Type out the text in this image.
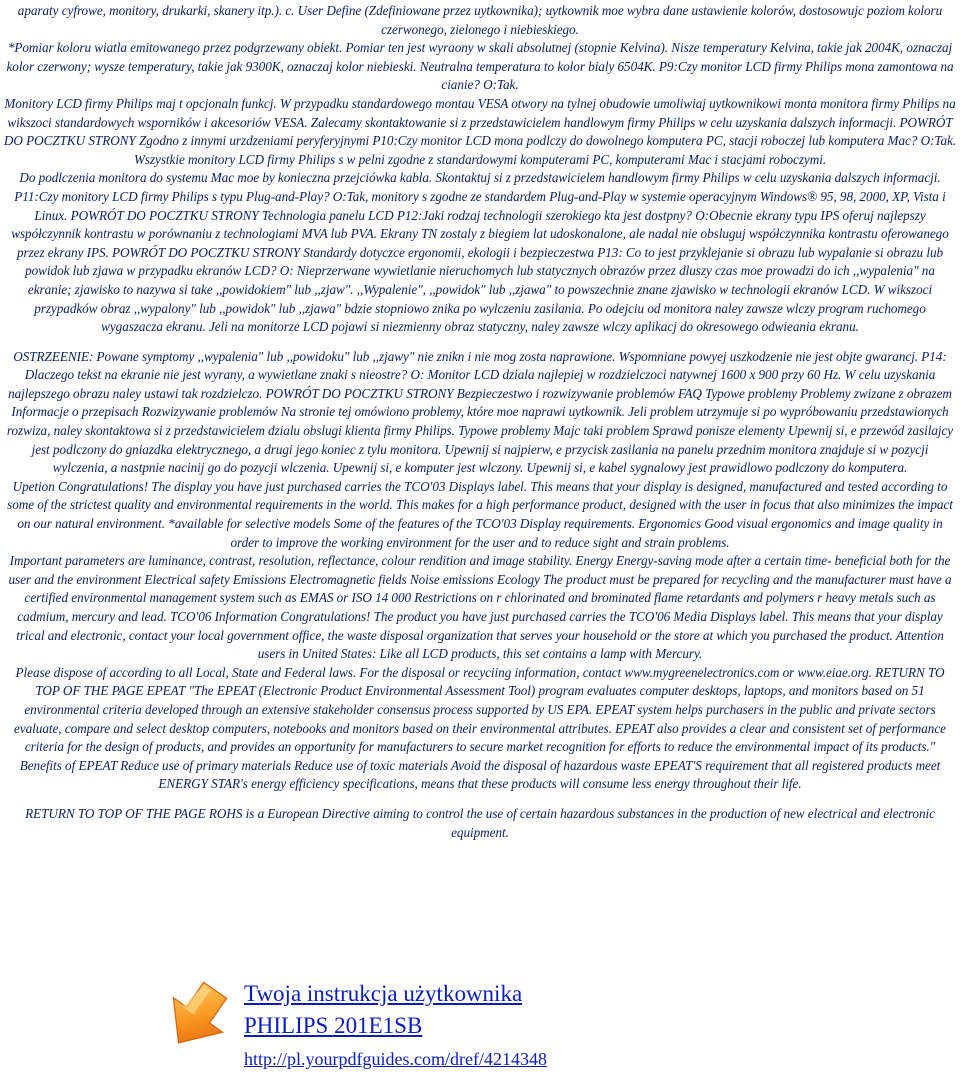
aparaty cyfrowe, monitory, drukarki, skanery itp.). c. User Define (Zdefiniowane przez uytkownika); uytkownik moe wybra dane ustawienie kolorów, dostosowujc poziom koloru czerwonego, zielonego i niebieskiego.

*Pomiar koloru wiatla emitowanego przez podgrzewany obiekt. Pomiar ten jest wyraony w skali absolutnej (stopnie Kelvina). Nisze temperatury Kelvina, takie jak 2004K, oznaczaj kolor czerwony; wysze temperatury, takie jak 9300K, oznaczaj kolor niebieski. Neutralna temperatura to kolor bialy 6504K. P9:Czy monitor LCD firmy Philips mona zamontowa na cianie? O:Tak.

Monitory LCD firmy Philips maj t opcjonaln funkcj. W przypadku standardowego montau VESA otwory na tylnej obudowie umoliwiaj uytkownikowi monta monitora firmy Philips na wikszoci standardowych wsporników i akcesoriów VESA. Zalecamy skontaktowanie si z przedstawicielem handlowym firmy Philips w celu uzyskania dalszych informacji. POWRÓT DO POCZTKU STRONY Zgodno z innymi urzdzeniami peryferyjnymi P10:Czy monitor LCD mona podlczy do dowolnego komputera PC, stacji roboczej lub komputera Mac? O:Tak. Wszystkie monitory LCD firmy Philips s w pelni zgodne z standardowymi komputerami PC, komputerami Mac i stacjami roboczymi.

Do podlczenia monitora do systemu Mac moe by konieczna przejciówka kabla. Skontaktuj si z przedstawicielem handlowym firmy Philips w celu uzyskania dalszych informacji. P11:Czy monitory LCD firmy Philips s typu Plug-and-Play? O:Tak, monitory s zgodne ze standardem Plug-and-Play w systemie operacyjnym Windows® 95, 98, 2000, XP, Vista i Linux. POWRÓT DO POCZTKU STRONY Technologia panelu LCD P12:Jaki rodzaj technologii szerokiego kta jest dostpny? O:Obecnie ekrany typu IPS oferuj najlepszy współczynnik kontrastu w porównaniu z technologiami MVA lub PVA. Ekrany TN zostaly z biegiem lat udoskonalone, ale nadal nie obsluguj współczynnika kontrastu oferowanego przez ekrany IPS. POWRÓT DO POCZTKU STRONY Standardy dotyczce ergonomii, ekologii i bezpieczestwa P13: Co to jest przyklejanie si obrazu lub wypalanie si obrazu lub powidok lub zjawa w przypadku ekranów LCD? O: Nieprzerwane wywietlanie nieruchomych lub statycznych obrazów przez dluszy czas moe prowadzi do ich ,,wypalenia" na ekranie; zjawisko to nazywa si take ,,powidokiem" lub ,,zjaw". ,,Wypalenie", ,,powidok" lub ,,zjawa" to powszechnie znane zjawisko w technologii ekranów LCD. W wikszoci przypadków obraz ,,wypalony" lub ,,powidok" lub ,,zjawa" bdzie stopniowo znika po wylczeniu zasilania. Po odejciu od monitora naley zawsze wlczy program ruchomego wygaszacza ekranu. Jeli na monitorze LCD pojawi si niezmienny obraz statyczny, naley zawsze wlczy aplikacj do okresowego odwieania ekranu.

OSTRZEENIE: Powane symptomy ,,wypalenia" lub ,,powidoku" lub ,,zjawy" nie znikn i nie mog zosta naprawione. Wspomniane powyej uszkodzenie nie jest objte gwarancj. P14: Dlaczego tekst na ekranie nie jest wyrany, a wywietlane znaki s nieostre? O: Monitor LCD dziala najlepiej w rozdzielczoci natywnej 1600 x 900 przy 60 Hz. W celu uzyskania najlepszego obrazu naley ustawi tak rozdzielczo. POWRÓT DO POCZTKU STRONY Bezpieczestwo i rozwizywanie problemów FAQ Typowe problemy Problemy zwizane z obrazem Informacje o przepisach Rozwizywanie problemów Na stronie tej omówiono problemy, które moe naprawi uytkownik. Jeli problem utrzymuje si po wypróbowaniu przedstawionych rozwiza, naley skontaktowa si z przedstawicielem dzialu obslugi klienta firmy Philips. Typowe problemy Majc taki problem Sprawd ponisze elementy Upewnij si, e przewód zasilajcy jest podlczony do gniazdka elektrycznego, a drugi jego koniec z tylu monitora. Upewnij si najpierw, e przycisk zasilania na panelu przednim monitora znajduje si w pozycji wylczenia, a nastpnie nacinij go do pozycji wlczenia. Upewnij si, e komputer jest wlczony. Upewnij si, e kabel sygnalowy jest prawidlowo podlczony do komputera.

Upetion Congratulations! The display you have just purchased carries the TCO'03 Displays label. This means that your display is designed, manufactured and tested according to some of the strictest quality and environmental requirements in the world. This makes for a high performance product, designed with the user in focus that also minimizes the impact on our natural environment. *available for selective models Some of the features of the TCO'03 Display requirements. Ergonomics Good visual ergonomics and image quality in order to improve the working environment for the user and to reduce sight and strain problems.

Important parameters are luminance, contrast, resolution, reflectance, colour rendition and image stability. Energy Energy-saving mode after a certain time- beneficial both for the user and the environment Electrical safety Emissions Electromagnetic fields Noise emissions Ecology The product must be prepared for recycling and the manufacturer must have a certified environmental management system such as EMAS or ISO 14 000 Restrictions on r chlorinated and brominated flame retardants and polymers r heavy metals such as cadmium, mercury and lead. TCO'06 Information Congratulations! The product you have just purchased carries the TCO'06 Media Displays label. This means that your display trical and electronic, contact your local government office, the waste disposal organization that serves your household or the store at which you purchased the product. Attention users in United States: Like all LCD products, this set contains a lamp with Mercury.

Please dispose of according to all Local, State and Federal laws. For the disposal or recyciing information, contact www.mygreenelectronics.com or www.eiae.org. RETURN TO TOP OF THE PAGE EPEAT "The EPEAT (Electronic Product Environmental Assessment Tool) program evaluates computer desktops, laptops, and monitors based on 51 environmental criteria developed through an extensive stakeholder consensus process supported by US EPA. EPEAT system helps purchasers in the public and private sectors evaluate, compare and select desktop computers, notebooks and monitors based on their environmental attributes. EPEAT also provides a clear and consistent set of performance criteria for the design of products, and provides an opportunity for manufacturers to secure market recognition for efforts to reduce the environmental impact of its products." Benefits of EPEAT Reduce use of primary materials Reduce use of toxic materials Avoid the disposal of hazardous waste EPEAT'S requirement that all registered products meet ENERGY STAR's energy efficiency specifications, means that these products will consume less energy throughout their life.

RETURN TO TOP OF THE PAGE ROHS is a European Directive aiming to control the use of certain hazardous substances in the production of new electrical and electronic equipment.

Twoja instrukcja użytkownika
PHILIPS 201E1SB
http://pl.yourpdfguides.com/dref/4214348
